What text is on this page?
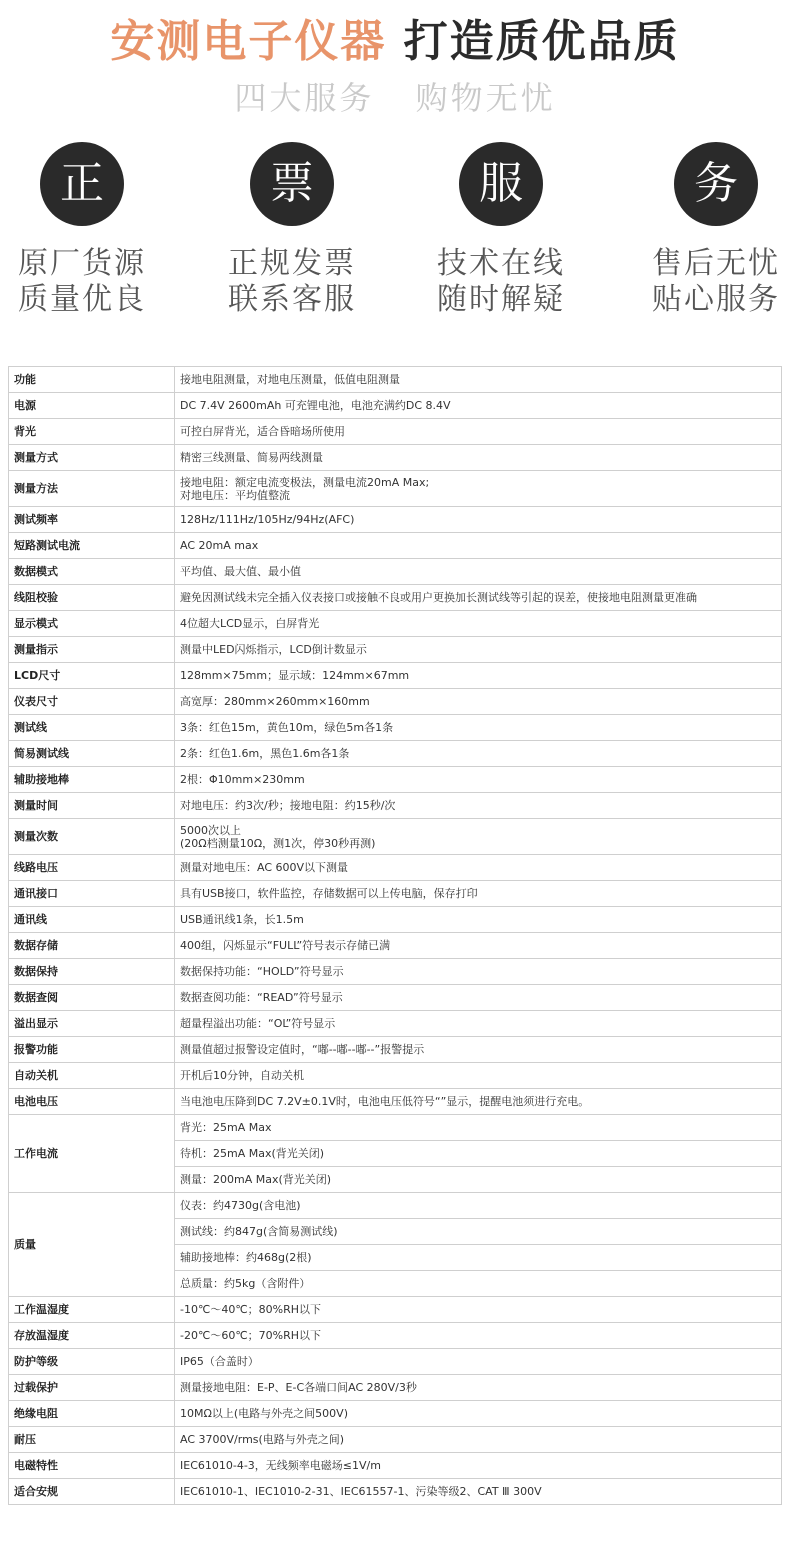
安测电子仪器 打造质优品质
四大服务 购物无忧
正
原厂货源
质量优良
票
正规发票
联系客服
服
技术在线
随时解疑
务
售后无忧
贴心服务
功能	接地电阻测量，对地电压测量，低值电阻测量

电源	DC 7.4V 2600mAh 可充锂电池，电池充满约DC 8.4V

背光	可控白屏背光，适合昏暗场所使用

测量方式	精密三线测量、简易两线测量

测量方法	接地电阻：额定电流变极法，测量电流20mA Max;
对地电压：平均值整流

测试频率	128Hz/111Hz/105Hz/94Hz(AFC)

短路测试电流	AC 20mA max

数据模式	平均值、最大值、最小值

线阻校验	避免因测试线未完全插入仪表接口或接触不良或用户更换加长测试线等引起的误差，使接地电阻测量更准确

显示模式	4位超大LCD显示，白屏背光

测量指示	测量中LED闪烁指示，LCD倒计数显示

LCD尺寸	128mm×75mm；显示域：124mm×67mm

仪表尺寸	高宽厚：280mm×260mm×160mm

测试线	3条：红色15m，黄色10m，绿色5m各1条

简易测试线	2条：红色1.6m，黑色1.6m各1条

辅助接地棒	2根：Φ10mm×230mm

测量时间	对地电压：约3次/秒；接地电阻：约15秒/次

测量次数	5000次以上
(20Ω档测量10Ω，测1次，停30秒再测)

线路电压	测量对地电压：AC 600V以下测量

通讯接口	具有USB接口，软件监控，存储数据可以上传电脑，保存打印

通讯线	USB通讯线1条，长1.5m

数据存储	400组，闪烁显示“FULL”符号表示存储已满

数据保持	数据保持功能：“HOLD”符号显示

数据查阅	数据查阅功能：“READ”符号显示

溢出显示	超量程溢出功能：“OL”符号显示

报警功能	测量值超过报警设定值时，“嘟--嘟--嘟--”报警提示

自动关机	开机后10分钟，自动关机

电池电压	当电池电压降到DC 7.2V±0.1V时，电池电压低符号“”显示，提醒电池须进行充电。

工作电流	背光：25mA Max
	待机：25mA Max(背光关闭)
	测量：200mA Max(背光关闭)
质量	仪表：约4730g(含电池)
	测试线：约847g(含简易测试线)
	辅助接地棒：约468g(2根)
	总质量：约5kg（含附件）
工作温湿度	-10℃～40℃；80%RH以下

存放温湿度	-20℃～60℃；70%RH以下

防护等级	IP65（合盖时）

过载保护	测量接地电阻：E-P、E-C各端口间AC 280V/3秒

绝缘电阻	10MΩ以上(电路与外壳之间500V)

耐压	AC 3700V/rms(电路与外壳之间)

电磁特性	IEC61010-4-3，无线频率电磁场≤1V/m

适合安规	IEC61010-1、IEC1010-2-31、IEC61557-1、污染等级2、CAT Ⅲ 300V
